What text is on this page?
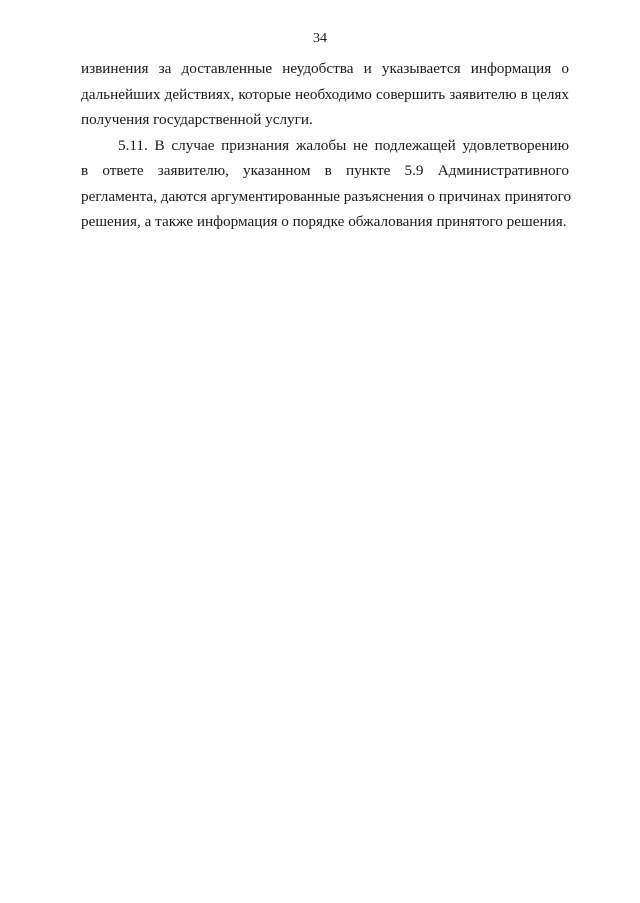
34
извинения за доставленные неудобства и указывается информация о
дальнейших действиях, которые необходимо совершить заявителю в целях
получения государственной услуги.
5.11. В случае признания жалобы не подлежащей удовлетворению
в ответе заявителю, указанном в пункте 5.9 Административного
регламента, даются аргументированные разъяснения о причинах принятого
решения, а также информация о порядке обжалования принятого решения.
